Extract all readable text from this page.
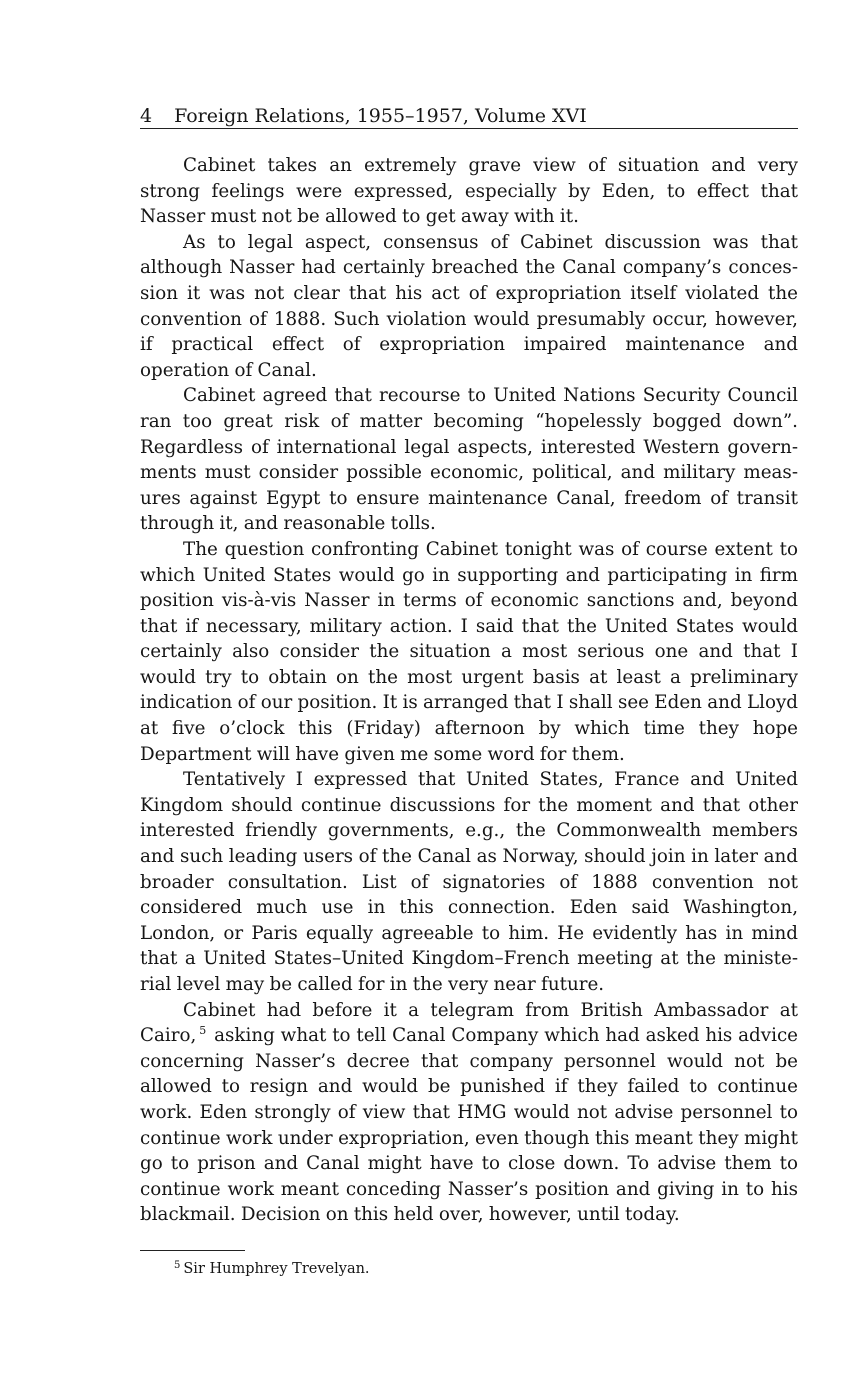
4 Foreign Relations, 1955–1957, Volume XVI

Cabinet takes an extremely grave view of situation and very strong feelings were expressed, especially by Eden, to effect that Nasser must not be allowed to get away with it.

As to legal aspect, consensus of Cabinet discussion was that although Nasser had certainly breached the Canal company’s concession it was not clear that his act of expropriation itself violated the convention of 1888. Such violation would presumably occur, however, if practical effect of expropriation impaired maintenance and operation of Canal.

Cabinet agreed that recourse to United Nations Security Council ran too great risk of matter becoming “hopelessly bogged down”. Regardless of international legal aspects, interested Western governments must consider possible economic, political, and military measures against Egypt to ensure maintenance Canal, freedom of transit through it, and reasonable tolls.

The question confronting Cabinet tonight was of course extent to which United States would go in supporting and participating in firm position vis-à-vis Nasser in terms of economic sanctions and, beyond that if necessary, military action. I said that the United States would certainly also consider the situation a most serious one and that I would try to obtain on the most urgent basis at least a preliminary indication of our position. It is arranged that I shall see Eden and Lloyd at five o’clock this (Friday) afternoon by which time they hope Department will have given me some word for them.

Tentatively I expressed that United States, France and United Kingdom should continue discussions for the moment and that other interested friendly governments, e.g., the Commonwealth members and such leading users of the Canal as Norway, should join in later and broader consultation. List of signatories of 1888 convention not considered much use in this connection. Eden said Washington, London, or Paris equally agreeable to him. He evidently has in mind that a United States–United Kingdom–French meeting at the ministerial level may be called for in the very near future.

Cabinet had before it a telegram from British Ambassador at Cairo, $^5$ asking what to tell Canal Company which had asked his advice concerning Nasser’s decree that company personnel would not be allowed to resign and would be punished if they failed to continue work. Eden strongly of view that HMG would not advise personnel to continue work under expropriation, even though this meant they might go to prison and Canal might have to close down. To advise them to continue work meant conceding Nasser’s position and giving in to his blackmail. Decision on this held over, however, until today.

$^5$ Sir Humphrey Trevelyan.
